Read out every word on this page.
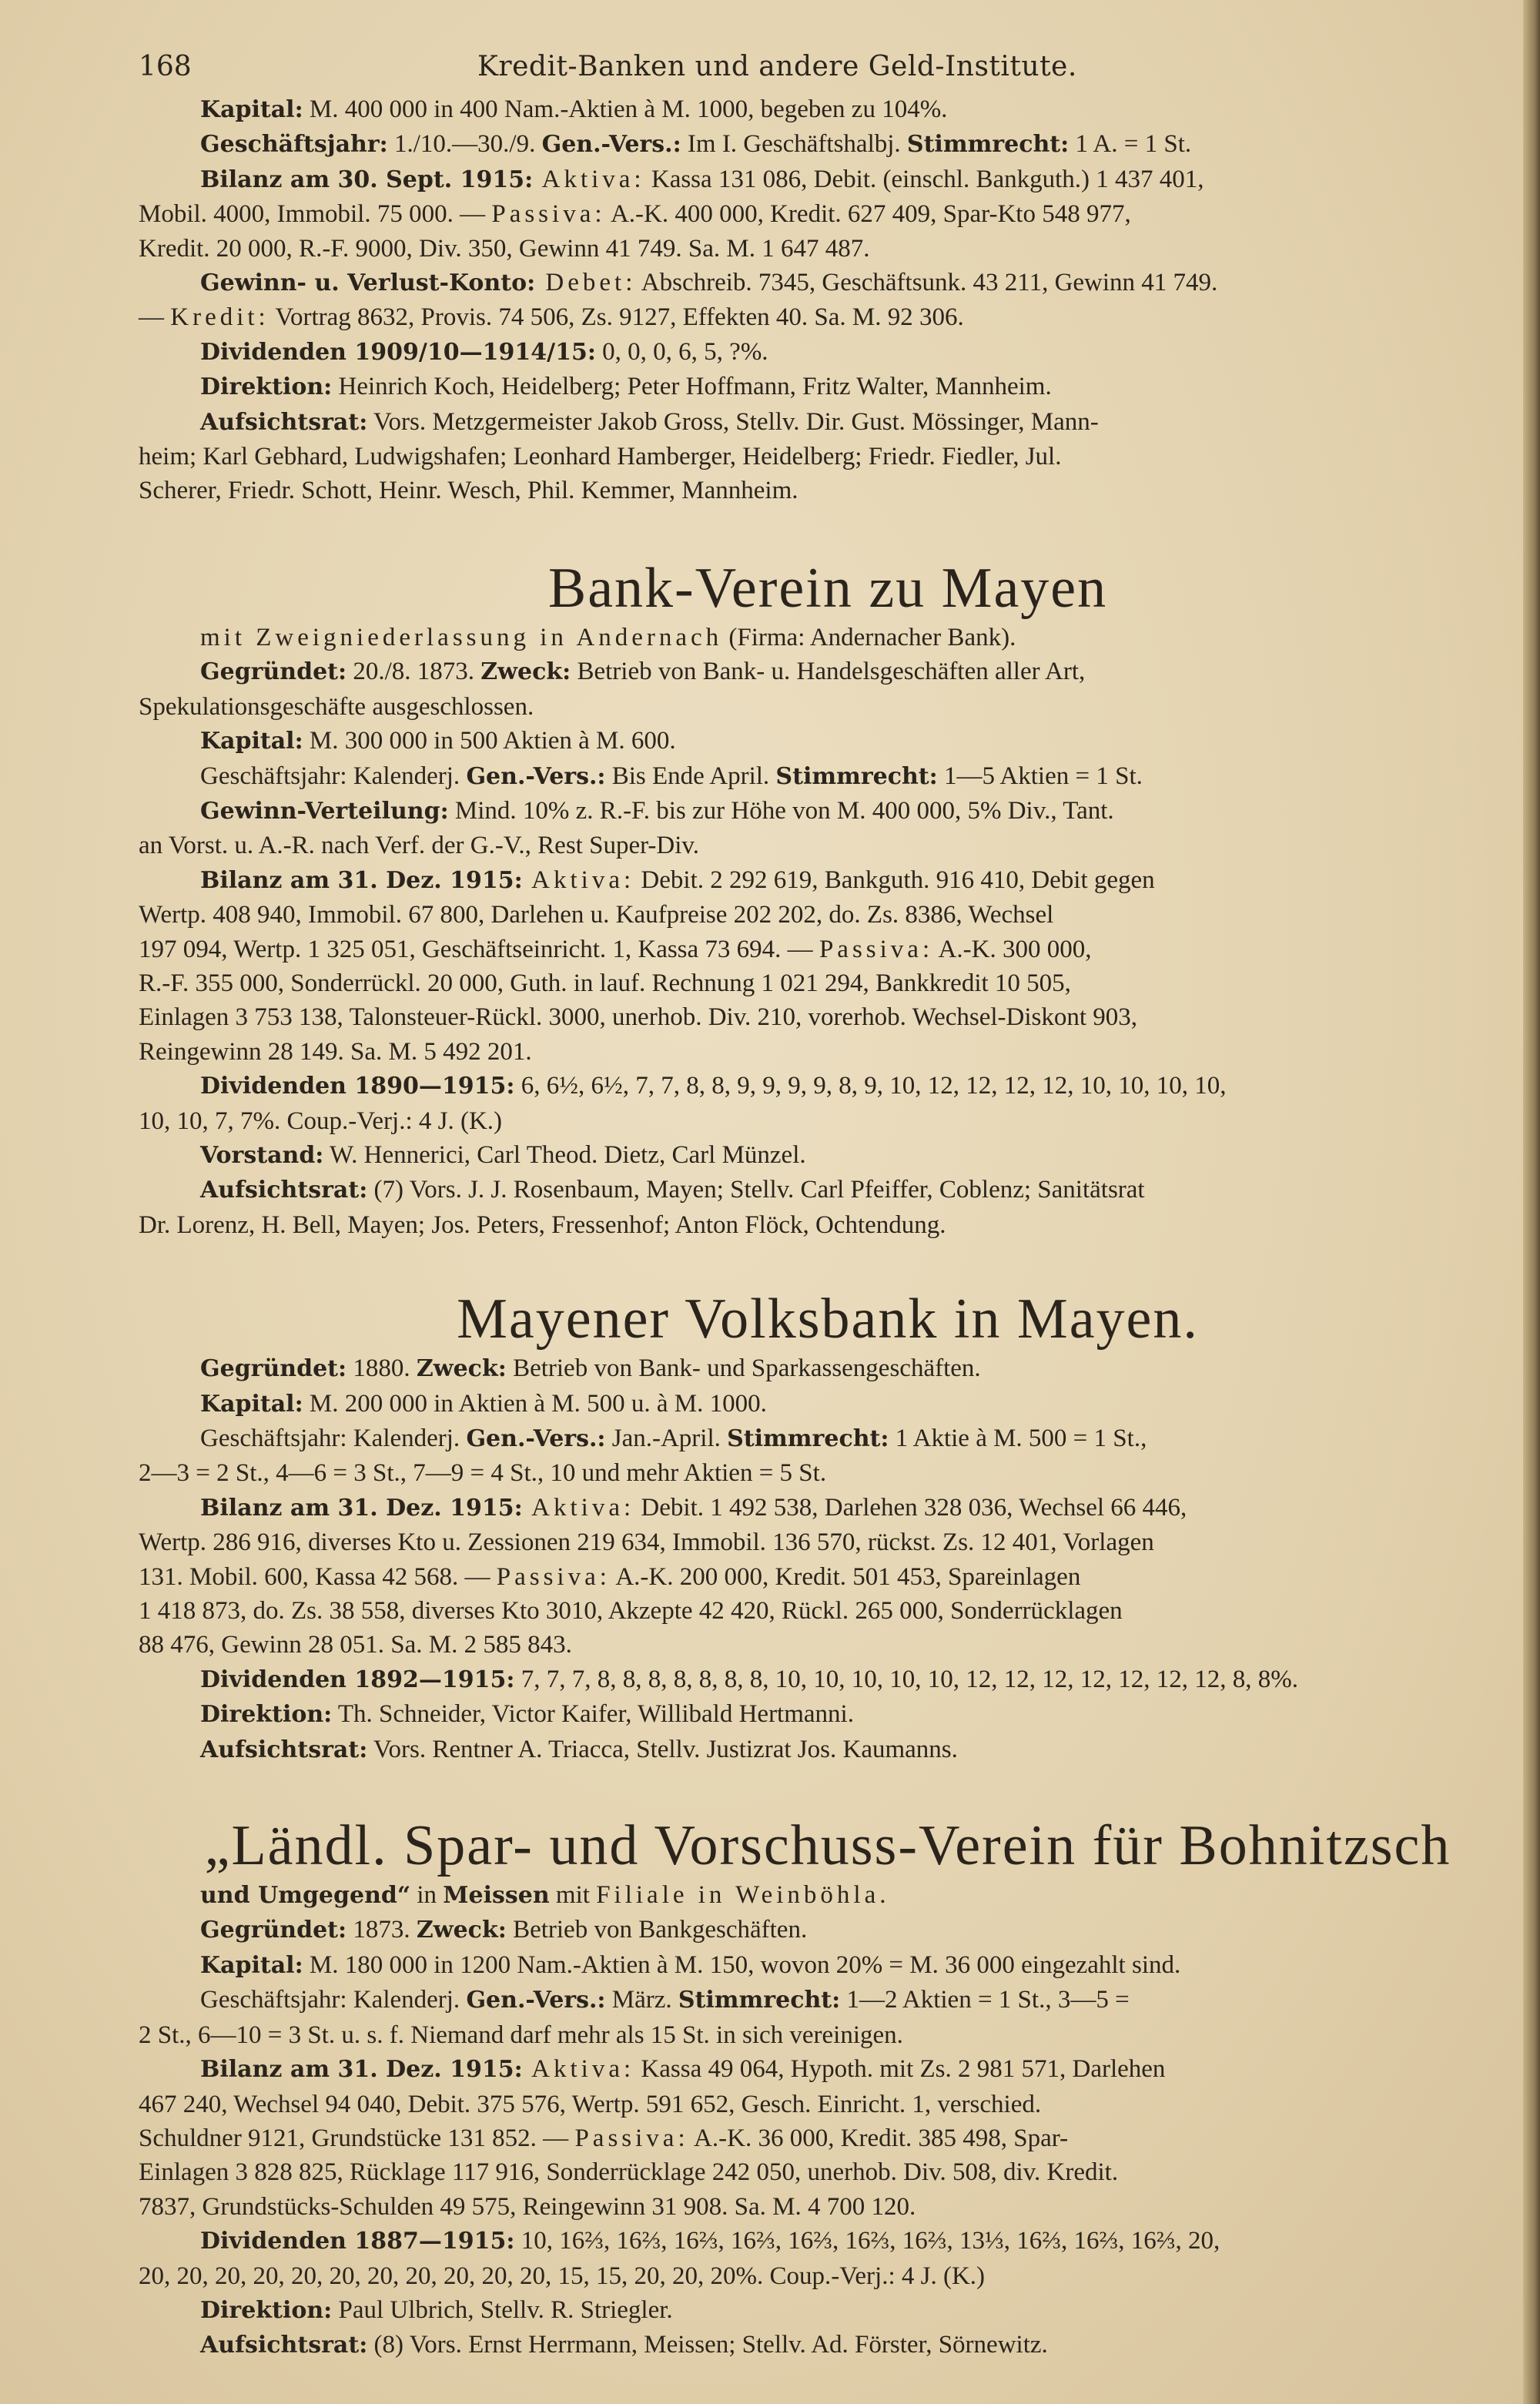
168	Kredit-Banken und andere Geld-Institute.

Kapital: M. 400 000 in 400 Nam.-Aktien à M. 1000, begeben zu 104%.

Geschäftsjahr: 1./10.—30./9. Gen.-Vers.: Im I. Geschäftshalbj. Stimmrecht: 1 A. = 1 St.

Bilanz am 30. Sept. 1915: Aktiva: Kassa 131 086, Debit. (einschl. Bankguth.) 1 437 401,

Mobil. 4000, Immobil. 75 000. — Passiva: A.-K. 400 000, Kredit. 627 409, Spar-Kto 548 977,

Kredit. 20 000, R.-F. 9000, Div. 350, Gewinn 41 749. Sa. M. 1 647 487.

Gewinn- u. Verlust-Konto: Debet: Abschreib. 7345, Geschäftsunk. 43 211, Gewinn 41 749.

— Kredit: Vortrag 8632, Provis. 74 506, Zs. 9127, Effekten 40. Sa. M. 92 306.

Dividenden 1909/10—1914/15: 0, 0, 0, 6, 5, ?%.

Direktion: Heinrich Koch, Heidelberg; Peter Hoffmann, Fritz Walter, Mannheim.

Aufsichtsrat: Vors. Metzgermeister Jakob Gross, Stellv. Dir. Gust. Mössinger, Mann-

heim; Karl Gebhard, Ludwigshafen; Leonhard Hamberger, Heidelberg; Friedr. Fiedler, Jul.

Scherer, Friedr. Schott, Heinr. Wesch, Phil. Kemmer, Mannheim.

Bank-Verein zu Mayen

mit Zweigniederlassung in Andernach (Firma: Andernacher Bank).

Gegründet: 20./8. 1873. Zweck: Betrieb von Bank- u. Handelsgeschäften aller Art,

Spekulationsgeschäfte ausgeschlossen.

Kapital: M. 300 000 in 500 Aktien à M. 600.

Geschäftsjahr: Kalenderj. Gen.-Vers.: Bis Ende April. Stimmrecht: 1—5 Aktien = 1 St.

Gewinn-Verteilung: Mind. 10% z. R.-F. bis zur Höhe von M. 400 000, 5% Div., Tant.

an Vorst. u. A.-R. nach Verf. der G.-V., Rest Super-Div.

Bilanz am 31. Dez. 1915: Aktiva: Debit. 2 292 619, Bankguth. 916 410, Debit gegen

Wertp. 408 940, Immobil. 67 800, Darlehen u. Kaufpreise 202 202, do. Zs. 8386, Wechsel

197 094, Wertp. 1 325 051, Geschäftseinricht. 1, Kassa 73 694. — Passiva: A.-K. 300 000,

R.-F. 355 000, Sonderrückl. 20 000, Guth. in lauf. Rechnung 1 021 294, Bankkredit 10 505,

Einlagen 3 753 138, Talonsteuer-Rückl. 3000, unerhob. Div. 210, vorerhob. Wechsel-Diskont 903,

Reingewinn 28 149. Sa. M. 5 492 201.

Dividenden 1890—1915: 6, 6½, 6½, 7, 7, 8, 8, 9, 9, 9, 9, 8, 9, 10, 12, 12, 12, 12, 10, 10, 10, 10,

10, 10, 7, 7%. Coup.-Verj.: 4 J. (K.)

Vorstand: W. Hennerici, Carl Theod. Dietz, Carl Münzel.

Aufsichtsrat: (7) Vors. J. J. Rosenbaum, Mayen; Stellv. Carl Pfeiffer, Coblenz; Sanitätsrat

Dr. Lorenz, H. Bell, Mayen; Jos. Peters, Fressenhof; Anton Flöck, Ochtendung.

Mayener Volksbank in Mayen.

Gegründet: 1880. Zweck: Betrieb von Bank- und Sparkassengeschäften.

Kapital: M. 200 000 in Aktien à M. 500 u. à M. 1000.

Geschäftsjahr: Kalenderj. Gen.-Vers.: Jan.-April. Stimmrecht: 1 Aktie à M. 500 = 1 St.,

2—3 = 2 St., 4—6 = 3 St., 7—9 = 4 St., 10 und mehr Aktien = 5 St.

Bilanz am 31. Dez. 1915: Aktiva: Debit. 1 492 538, Darlehen 328 036, Wechsel 66 446,

Wertp. 286 916, diverses Kto u. Zessionen 219 634, Immobil. 136 570, rückst. Zs. 12 401, Vorlagen

131. Mobil. 600, Kassa 42 568. — Passiva: A.-K. 200 000, Kredit. 501 453, Spareinlagen

1 418 873, do. Zs. 38 558, diverses Kto 3010, Akzepte 42 420, Rückl. 265 000, Sonderrücklagen

88 476, Gewinn 28 051. Sa. M. 2 585 843.

Dividenden 1892—1915: 7, 7, 7, 8, 8, 8, 8, 8, 8, 8, 10, 10, 10, 10, 10, 12, 12, 12, 12, 12, 12, 12, 8, 8%.

Direktion: Th. Schneider, Victor Kaifer, Willibald Hertmanni.

Aufsichtsrat: Vors. Rentner A. Triacca, Stellv. Justizrat Jos. Kaumanns.

„Ländl. Spar- und Vorschuss-Verein für Bohnitzsch

und Umgegend“ in Meissen mit Filiale in Weinböhla.

Gegründet: 1873. Zweck: Betrieb von Bankgeschäften.

Kapital: M. 180 000 in 1200 Nam.-Aktien à M. 150, wovon 20% = M. 36 000 eingezahlt sind.

Geschäftsjahr: Kalenderj. Gen.-Vers.: März. Stimmrecht: 1—2 Aktien = 1 St., 3—5 =

2 St., 6—10 = 3 St. u. s. f. Niemand darf mehr als 15 St. in sich vereinigen.

Bilanz am 31. Dez. 1915: Aktiva: Kassa 49 064, Hypoth. mit Zs. 2 981 571, Darlehen

467 240, Wechsel 94 040, Debit. 375 576, Wertp. 591 652, Gesch. Einricht. 1, verschied.

Schuldner 9121, Grundstücke 131 852. — Passiva: A.-K. 36 000, Kredit. 385 498, Spar-

Einlagen 3 828 825, Rücklage 117 916, Sonderrücklage 242 050, unerhob. Div. 508, div. Kredit.

7837, Grundstücks-Schulden 49 575, Reingewinn 31 908. Sa. M. 4 700 120.

Dividenden 1887—1915: 10, 16⅔, 16⅔, 16⅔, 16⅔, 16⅔, 16⅔, 16⅔, 13⅓, 16⅔, 16⅔, 16⅔, 20,

20, 20, 20, 20, 20, 20, 20, 20, 20, 20, 20, 15, 15, 20, 20, 20%. Coup.-Verj.: 4 J. (K.)

Direktion: Paul Ulbrich, Stellv. R. Striegler.

Aufsichtsrat: (8) Vors. Ernst Herrmann, Meissen; Stellv. Ad. Förster, Sörnewitz.
